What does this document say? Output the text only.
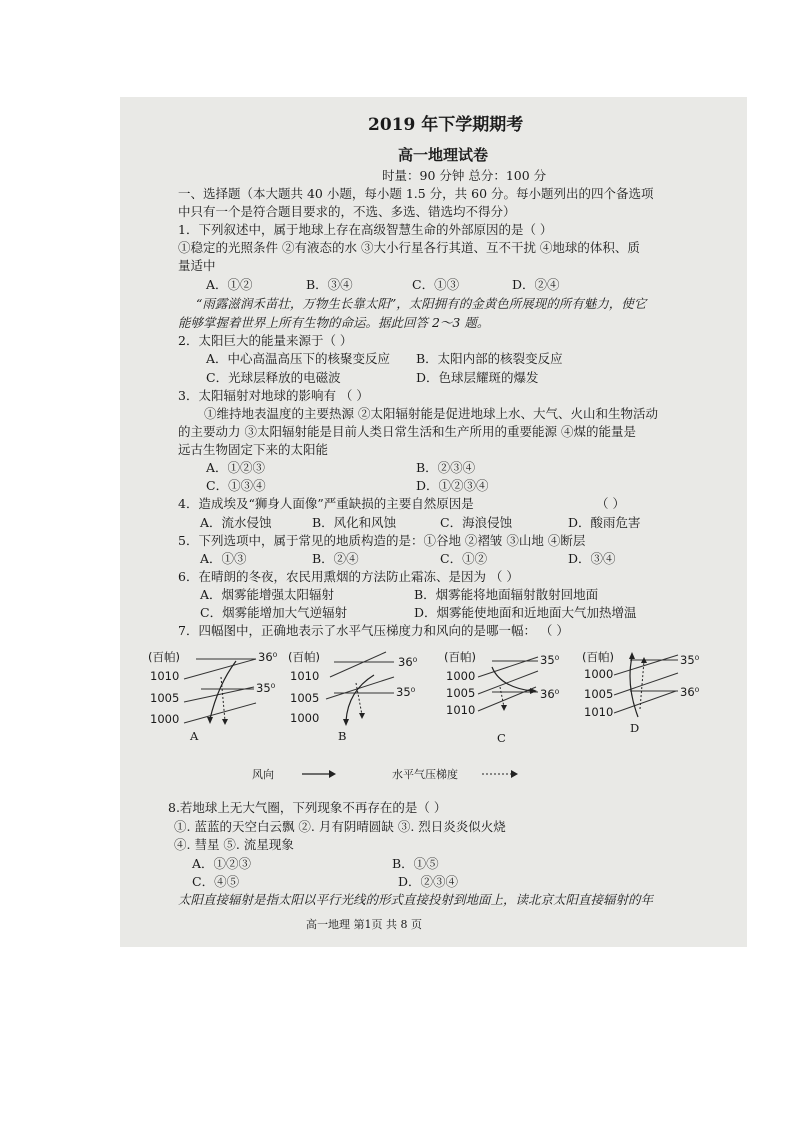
2019 年下学期期考
高一地理试卷
时量：90 分钟 总分：100 分
一、选择题（本大题共 40 小题，每小题 1.5 分，共 60 分。每小题列出的四个备选项
中只有一个是符合题目要求的，不选、多选、错选均不得分）
1．下列叙述中，属于地球上存在高级智慧生命的外部原因的是（ ）
①稳定的光照条件 ②有液态的水 ③大小行星各行其道、互不干扰 ④地球的体积、质
量适中
A．①②	B．③④	C．①③	D．②④
“雨露滋润禾苗壮，万物生长靠太阳”，太阳拥有的金黄色所展现的所有魅力，使它
能够掌握着世界上所有生物的命运。据此回答 2～3 题。
2．太阳巨大的能量来源于（ ）
A．中心高温高压下的核聚变反应 B．太阳内部的核裂变反应
C．光球层释放的电磁波	D．色球层耀斑的爆发
3．太阳辐射对地球的影响有 （ ）
①维持地表温度的主要热源 ②太阳辐射能是促进地球上水、大气、火山和生物活动
的主要动力 ③太阳辐射能是目前人类日常生活和生产所用的重要能源 ④煤的能量是
远古生物固定下来的太阳能
A．①②③	B．②③④
C．①③④	D．①②③④
4．造成埃及“狮身人面像”严重缺损的主要自然原因是	（ ）
A．流水侵蚀	B．风化和风蚀	C．海浪侵蚀	D．酸雨危害
5．下列选项中，属于常见的地质构造的是：①谷地 ②褶皱 ③山地 ④断层
A．①③	B．②④	C．①②	D．③④
6．在晴朗的冬夜，农民用熏烟的方法防止霜冻、是因为 （ ）
A．烟雾能增强太阳辐射	B．烟雾能将地面辐射散射回地面
C．烟雾能增加大气逆辐射	D．烟雾能使地面和近地面大气加热增温
7．四幅图中，正确地表示了水平气压梯度力和风向的是哪一幅： （ ）
(百帕)
1010
1005
1000
36⁰
35⁰
A
(百帕)
1010
1005
1000
36⁰
35⁰
B
(百帕)
1000
1005
1010
35⁰
36⁰
C
(百帕)
1000
1005
1010
35⁰
36⁰
D
风向	水平气压梯度
8.若地球上无大气圈，下列现象不再存在的是（ ）
①. 蓝蓝的天空白云飘 ②. 月有阴晴圆缺 ③. 烈日炎炎似火烧
④. 彗星 ⑤. 流星现象
A．①②③	B．①⑤
C．④⑤	D．②③④
太阳直接辐射是指太阳以平行光线的形式直接投射到地面上，读北京太阳直接辐射的年
高一地理 第1页 共 8 页
